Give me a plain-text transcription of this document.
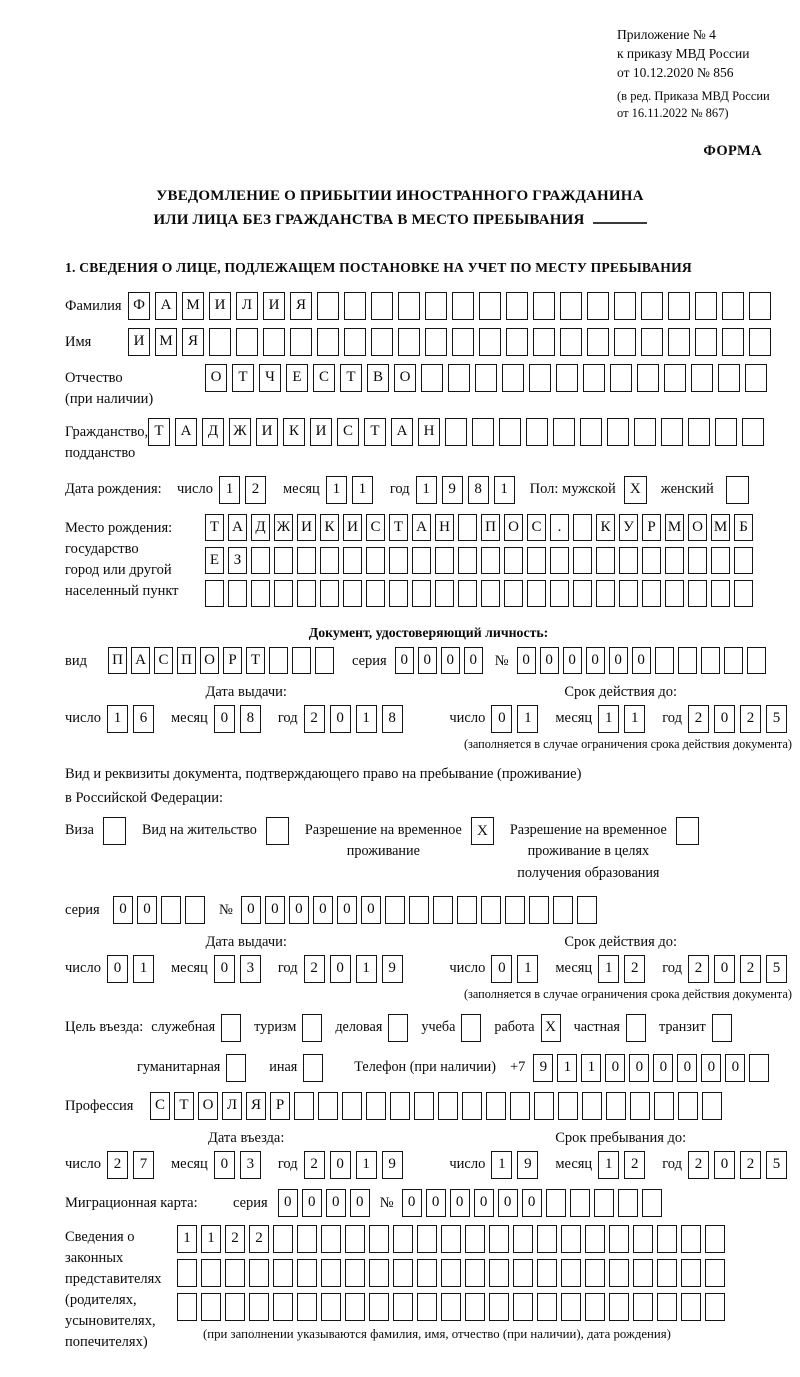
Приложение № 4
к приказу МВД России
от 10.12.2020 № 856
(в ред. Приказа МВД России
от 16.11.2022 № 867)
ФОРМА
УВЕДОМЛЕНИЕ О ПРИБЫТИИ ИНОСТРАННОГО ГРАЖДАНИНА
ИЛИ ЛИЦА БЕЗ ГРАЖДАНСТВА В МЕСТО ПРЕБЫВАНИЯ
1. СВЕДЕНИЯ О ЛИЦЕ, ПОДЛЕЖАЩЕМ ПОСТАНОВКЕ НА УЧЕТ ПО МЕСТУ ПРЕБЫВАНИЯ
Фамилия Ф	А М И	Л	И	Я
Имя	И М	Я
Отчество
(при наличии)
О	Т	Ч	Е	С	Т	В	О
Гражданство,
подданство
Т	А	Д	Ж И	К	И	С	Т	А	Н
Дата рождения:	число 1	2	месяц 1	1	год 1	9	8	1	Пол: мужской X	женский
Место рождения:
государство
город или другой
населенный пункт
Т А Д Ж И К И С Т А Н П О С	.	К У Р М О М Б
Е З
Документ, удостоверяющий личность:
вид	П А С П О Р Т	серия 0	0	0	0	№ 0	0	0	0	0	0
Дата выдачи:
число 1	6	месяц 0	8	год 2	0	1	8
Срок действия до:
число 0	1	месяц 1	1	год 2	0	2	5
(заполняется в случае ограничения срока действия документа)
Вид и реквизиты документа, подтверждающего право на пребывание (проживание)
в Российской Федерации:
Виза	Вид на жительство	Разрешение на временное
проживание
X	Разрешение на временное
проживание в целях
получения образования
серия	0	0	№ 0	0	0	0	0	0
Дата выдачи:
число 0	1	месяц 0	3	год 2	0	1	9
Срок действия до:
число 0	1	месяц 1	2	год 2	0	2	5
(заполняется в случае ограничения срока действия документа)
Цель въезда: служебная	туризм	деловая	учеба	работа X	частная	транзит
гуманитарная	иная	Телефон (при наличии) +7 9	1	1	0	0	0	0	0	0
Профессия	С Т О Л Я Р
Дата въезда:
число 2	7	месяц 0	3	год 2	0	1	9
Срок пребывания до:
число 1	9	месяц 1	2	год 2	0	2	5
Миграционная карта:	серия	0	0	0	0	№ 0	0	0	0	0	0
Сведения о
законных
представителях
(родителях,
усыновителях,
попечителях)
1	1	2	2
(при заполнении указываются фамилия, имя, отчество (при наличии), дата рождения)
